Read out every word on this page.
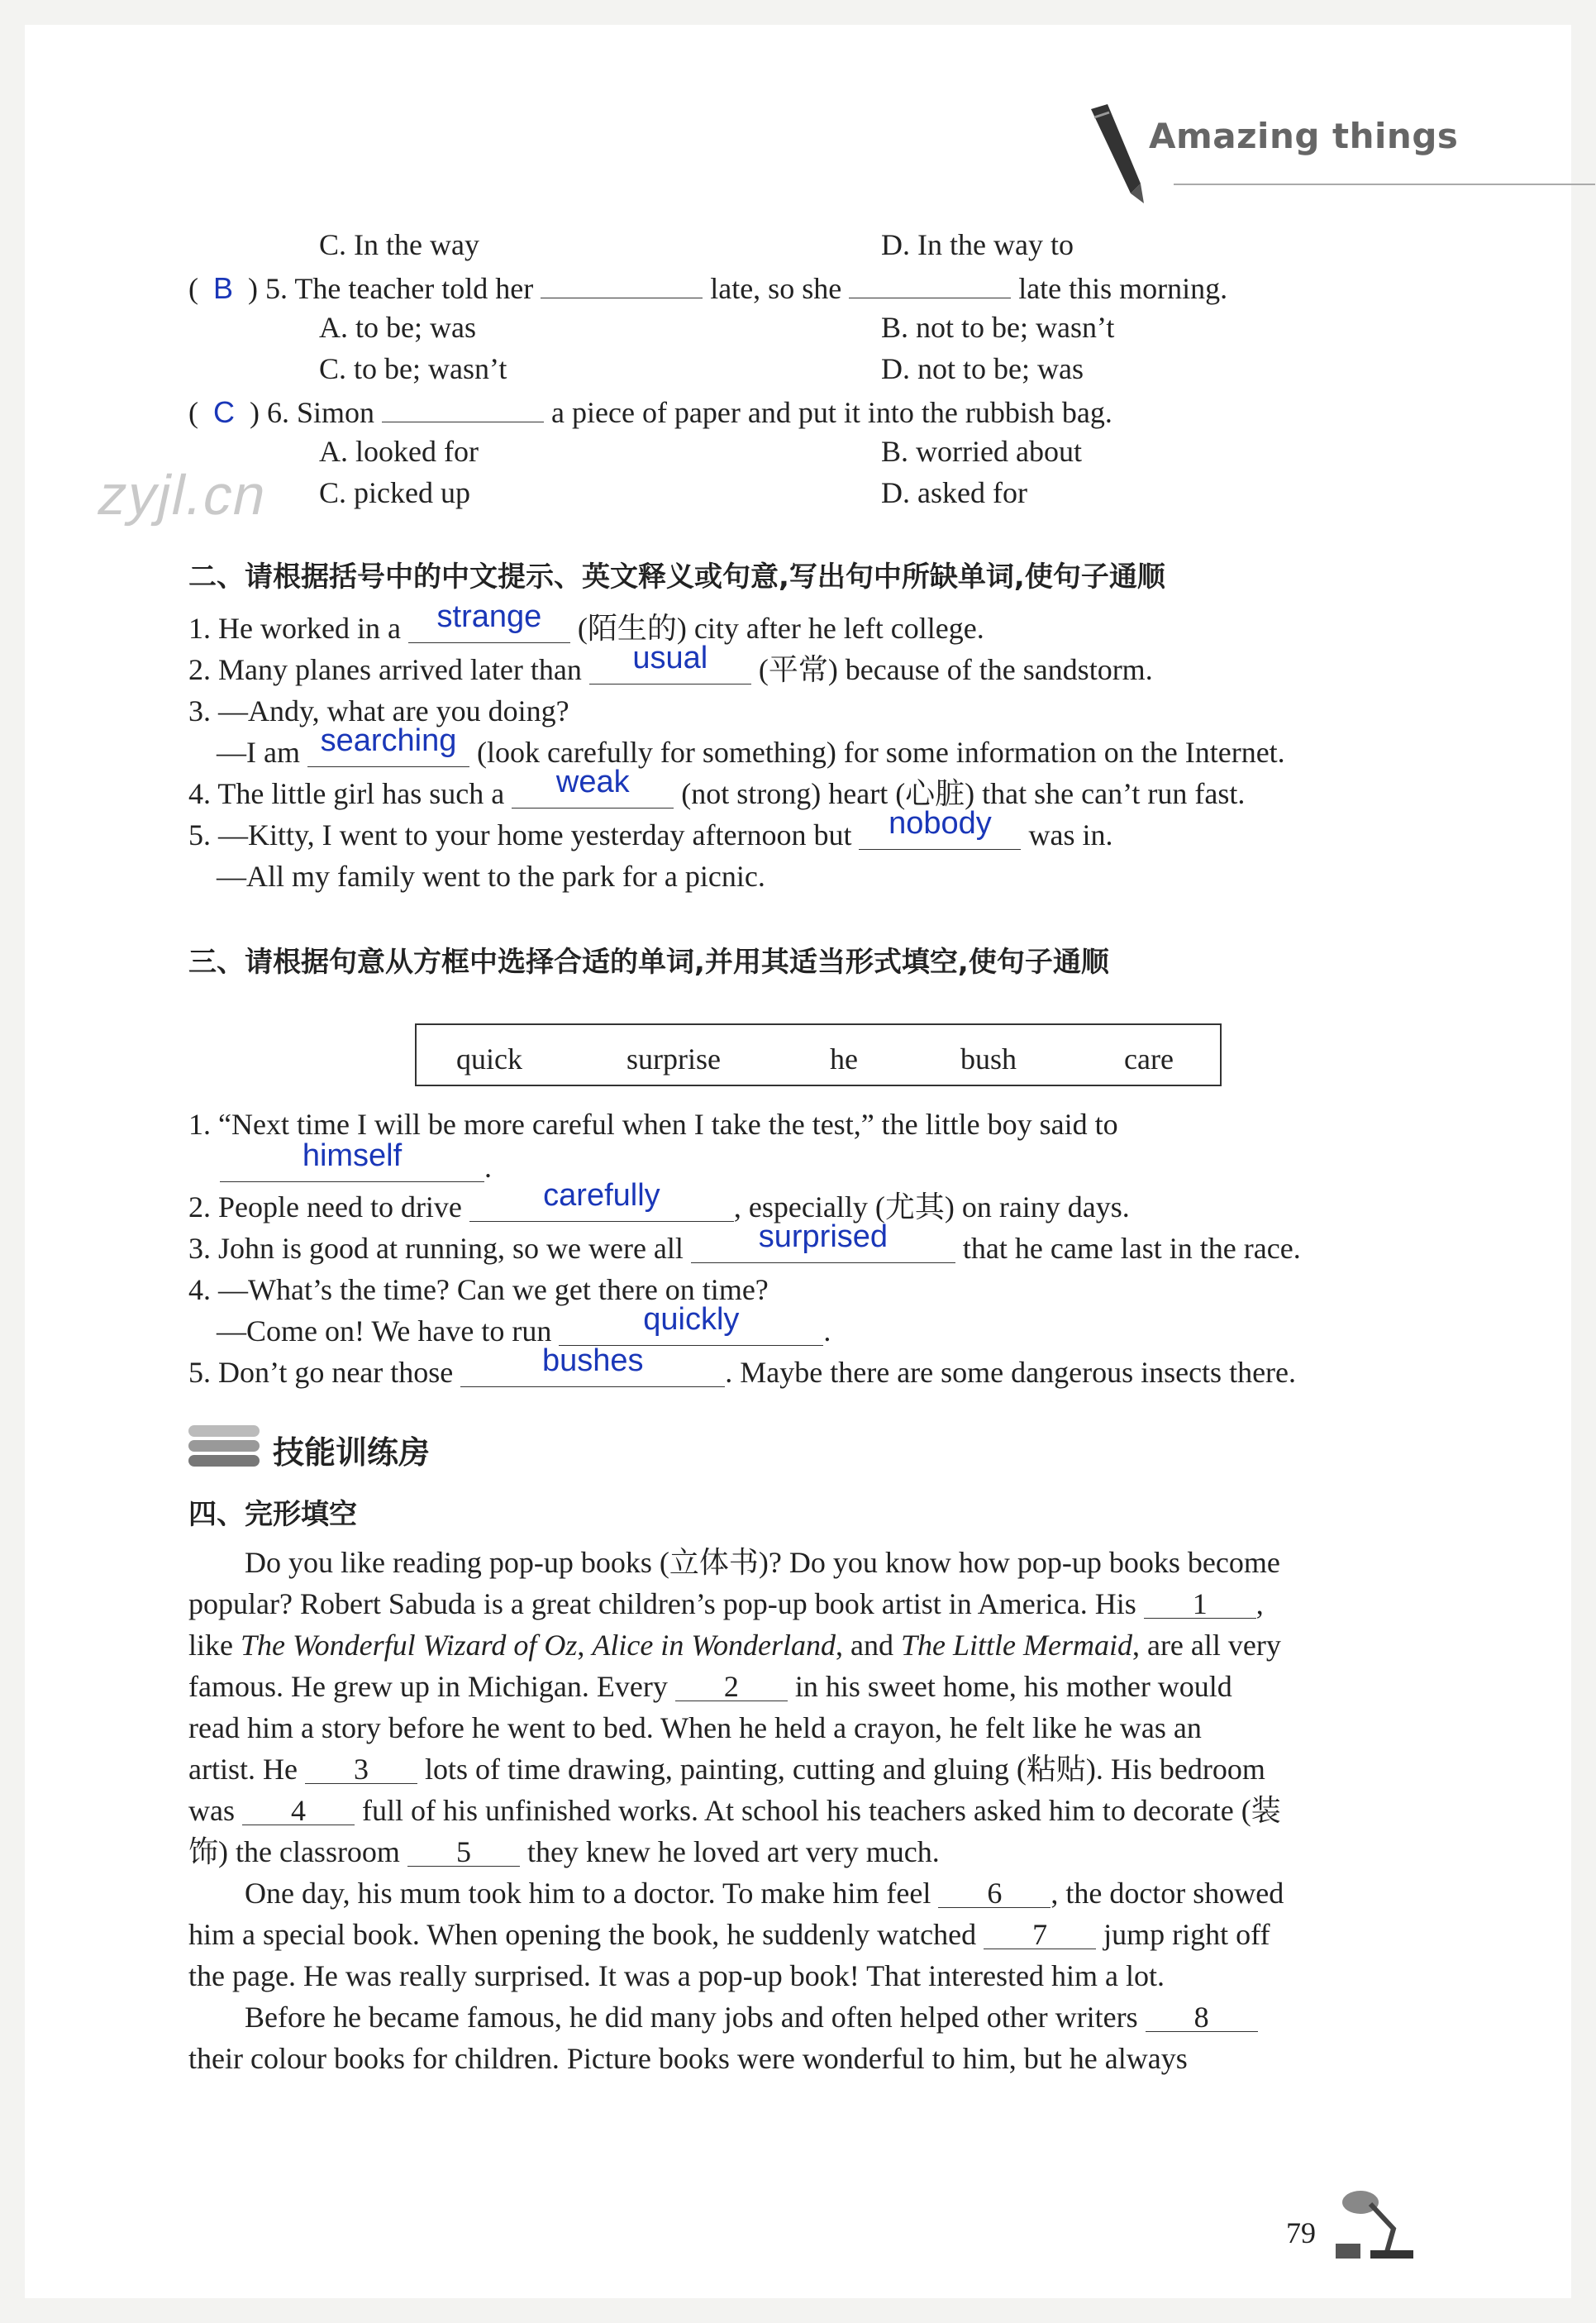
Amazing things
zyjl.cn
C. In the way	D. In the way to
( B ) 5. The teacher told her	late, so she	late this morning.
A. to be; was	B. not to be; wasn’t
C. to be; wasn’t	D. not to be; was
( C ) 6. Simon	a piece of paper and put it into the rubbish bag.
A. looked for	B. worried about
C. picked up	D. asked for
二、请根据括号中的中文提示、英文释义或句意,写出句中所缺单词,使句子通顺
1. He worked in a strange (陌生的) city after he left college.
2. Many planes arrived later than usual (平常) because of the sandstorm.
3. —Andy, what are you doing?
—I am searching (look carefully for something) for some information on the Internet.
4. The little girl has such a weak (not strong) heart (心脏) that she can’t run fast.
5. —Kitty, I went to your home yesterday afternoon but nobody was in.
—All my family went to the park for a picnic.
三、请根据句意从方框中选择合适的单词,并用其适当形式填空,使句子通顺
quick	surprise	he	bush	care
1. “Next time I will be more careful when I take the test,” the little boy said to
himself	.
2. People need to drive	carefully , especially (尤其) on rainy days.
3. John is good at running, so we were all surprised	that he came last in the race.
4. —What’s the time? Can we get there on time?
—Come on! We have to run	quickly	.
5. Don’t go near those	bushes	. Maybe there are some dangerous insects there.
技能训练房
四、完形填空
Do you like reading pop-up books (立体书)? Do you know how pop-up books become
popular? Robert Sabuda is a great children’s pop-up book artist in America. His 1 ,
like The Wonderful Wizard of Oz, Alice in Wonderland, and The Little Mermaid, are all very
famous. He grew up in Michigan. Every 2 in his sweet home, his mother would
read him a story before he went to bed. When he held a crayon, he felt like he was an
artist. He 3 lots of time drawing, painting, cutting and gluing (粘贴). His bedroom
was 4 full of his unfinished works. At school his teachers asked him to decorate (装
饰) the classroom 5 they knew he loved art very much.
One day, his mum took him to a doctor. To make him feel 6 , the doctor showed
him a special book. When opening the book, he suddenly watched 7 jump right off
the page. He was really surprised. It was a pop-up book! That interested him a lot.
Before he became famous, he did many jobs and often helped other writers 8
their colour books for children. Picture books were wonderful to him, but he always
79
